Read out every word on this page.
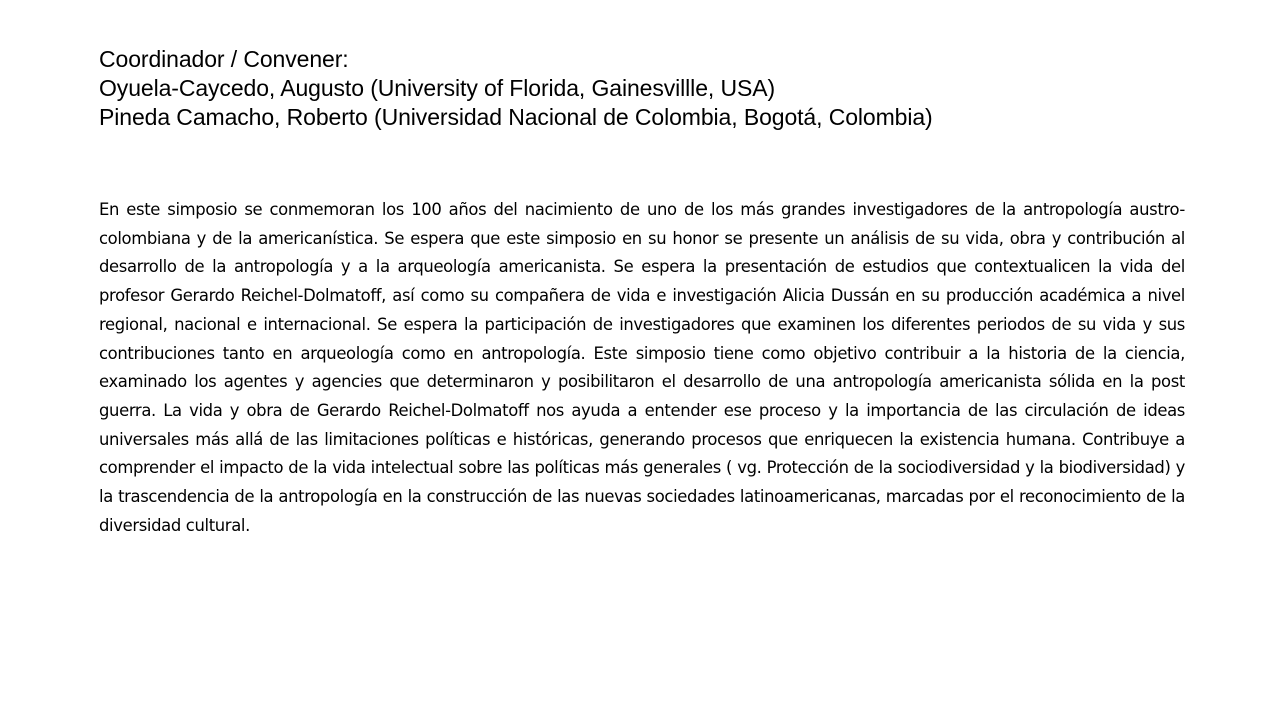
Coordinador / Convener:
Oyuela-Caycedo, Augusto (University of Florida, Gainesvillle, USA)
Pineda Camacho, Roberto (Universidad Nacional de Colombia, Bogotá, Colombia)
En este simposio se conmemoran los 100 años del nacimiento de uno de los más grandes investigadores de la antropología austro-colombiana y de la americanística. Se espera que este simposio en su honor se presente un análisis de su vida, obra y contribución al desarrollo de la antropología y a la arqueología americanista. Se espera la presentación de estudios que contextualicen la vida del profesor Gerardo Reichel-Dolmatoff, así como su compañera de vida e investigación Alicia Dussán en su producción académica a nivel regional, nacional e internacional. Se espera la participación de investigadores que examinen los diferentes periodos de su vida y sus contribuciones tanto en arqueología como en antropología. Este simposio tiene como objetivo contribuir a la historia de la ciencia, examinado los agentes y agencies que determinaron y posibilitaron el desarrollo de una antropología americanista sólida en la post guerra. La vida y obra de Gerardo Reichel-Dolmatoff nos ayuda a entender ese proceso y la importancia de las circulación de ideas universales más allá de las limitaciones políticas e históricas, generando procesos que enriquecen la existencia humana. Contribuye a comprender el impacto de la vida intelectual sobre las políticas más generales ( vg. Protección de la sociodiversidad y la biodiversidad) y la trascendencia de la antropología en la construcción de las nuevas sociedades latinoamericanas, marcadas por el reconocimiento de la diversidad cultural.
